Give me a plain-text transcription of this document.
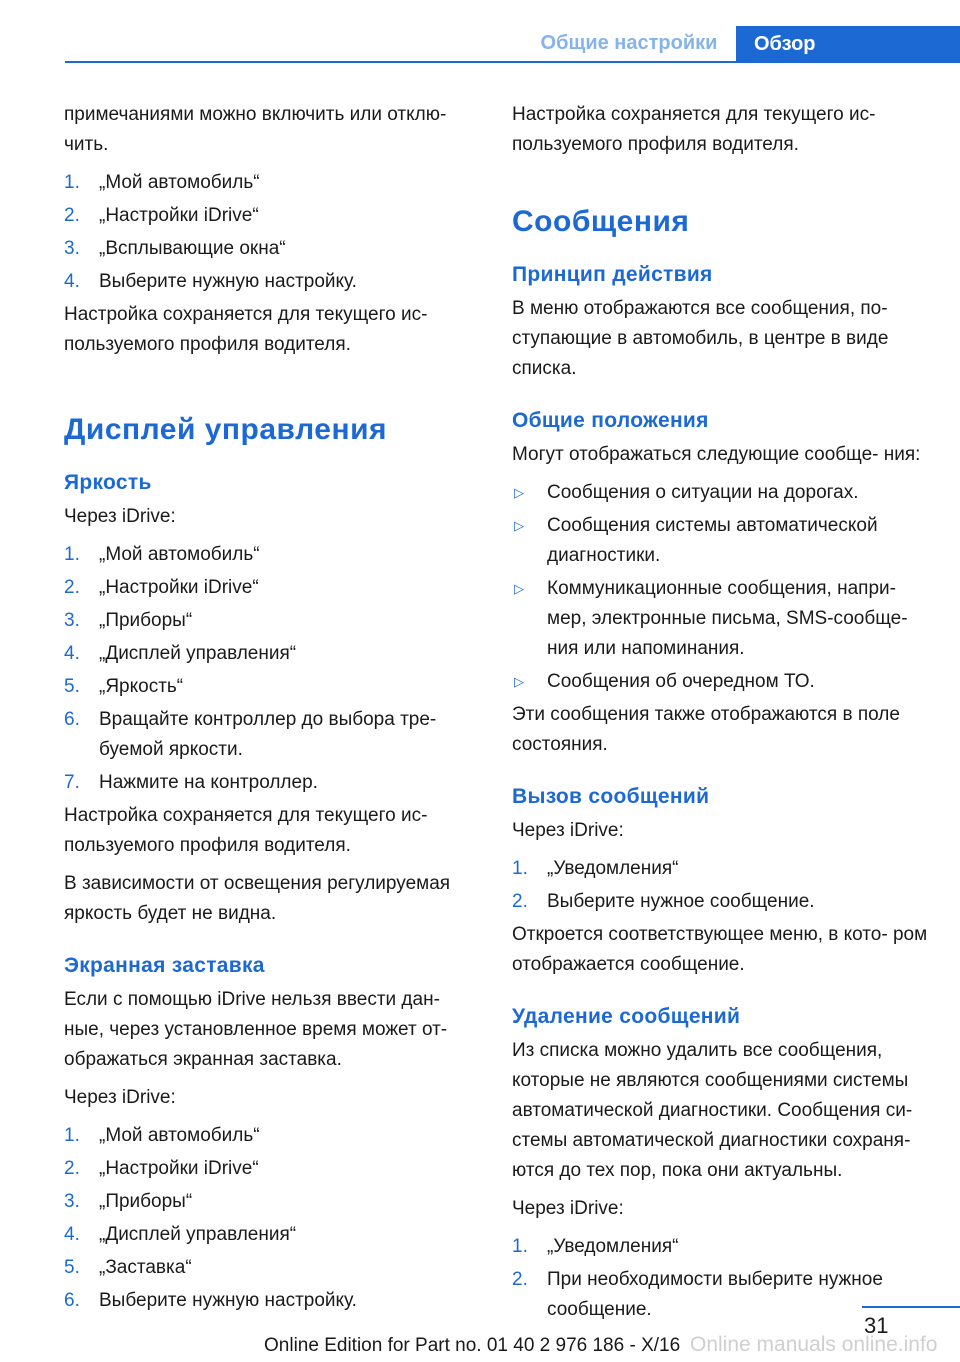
Общие настройки	Обзор

примечаниями можно включить или отклю‐ чить.

1. „Мой автомобиль“
2. „Настройки iDrive“
3. „Всплывающие окна“
4. Выберите нужную настройку.

Настройка сохраняется для текущего ис‐ пользуемого профиля водителя.

Дисплей управления
Яркость

Через iDrive:

1. „Мой автомобиль“
2. „Настройки iDrive“
3. „Приборы“
4. „Дисплей управления“
5. „Яркость“
6. Вращайте контроллер до выбора тре‐ буемой яркости.
7. Нажмите на контроллер.

Настройка сохраняется для текущего ис‐ пользуемого профиля водителя.

В зависимости от освещения регулируемая яркость будет не видна.

Экранная заставка

Если с помощью iDrive нельзя ввести дан‐ ные, через установленное время может от‐ ображаться экранная заставка.

Через iDrive:

1. „Мой автомобиль“
2. „Настройки iDrive“
3. „Приборы“
4. „Дисплей управления“
5. „Заставка“
6. Выберите нужную настройку.

Настройка сохраняется для текущего ис‐ пользуемого профиля водителя.

Сообщения
Принцип действия

В меню отображаются все сообщения, по‐ ступающие в автомобиль, в центре в виде списка.

Общие положения

Могут отображаться следующие сообще‐ ния:

▷ Сообщения о ситуации на дорогах.
▷ Сообщения системы автоматической диагностики.
▷ Коммуникационные сообщения, напри‐ мер, электронные письма, SMS-сообще‐ ния или напоминания.
▷ Сообщения об очередном ТО.

Эти сообщения также отображаются в поле состояния.

Вызов сообщений

Через iDrive:

1. „Уведомления“
2. Выберите нужное сообщение.

Откроется соответствующее меню, в кото‐ ром отображается сообщение.

Удаление сообщений

Из списка можно удалить все сообщения, которые не являются сообщениями системы автоматической диагностики. Сообщения си‐ стемы автоматической диагностики сохраня‐ ются до тех пор, пока они актуальны.

Через iDrive:

1. „Уведомления“
2. При необходимости выберите нужное сообщение.
31
Online Edition for Part no. 01 40 2 976 186 - X/16 Online manuals online.info
